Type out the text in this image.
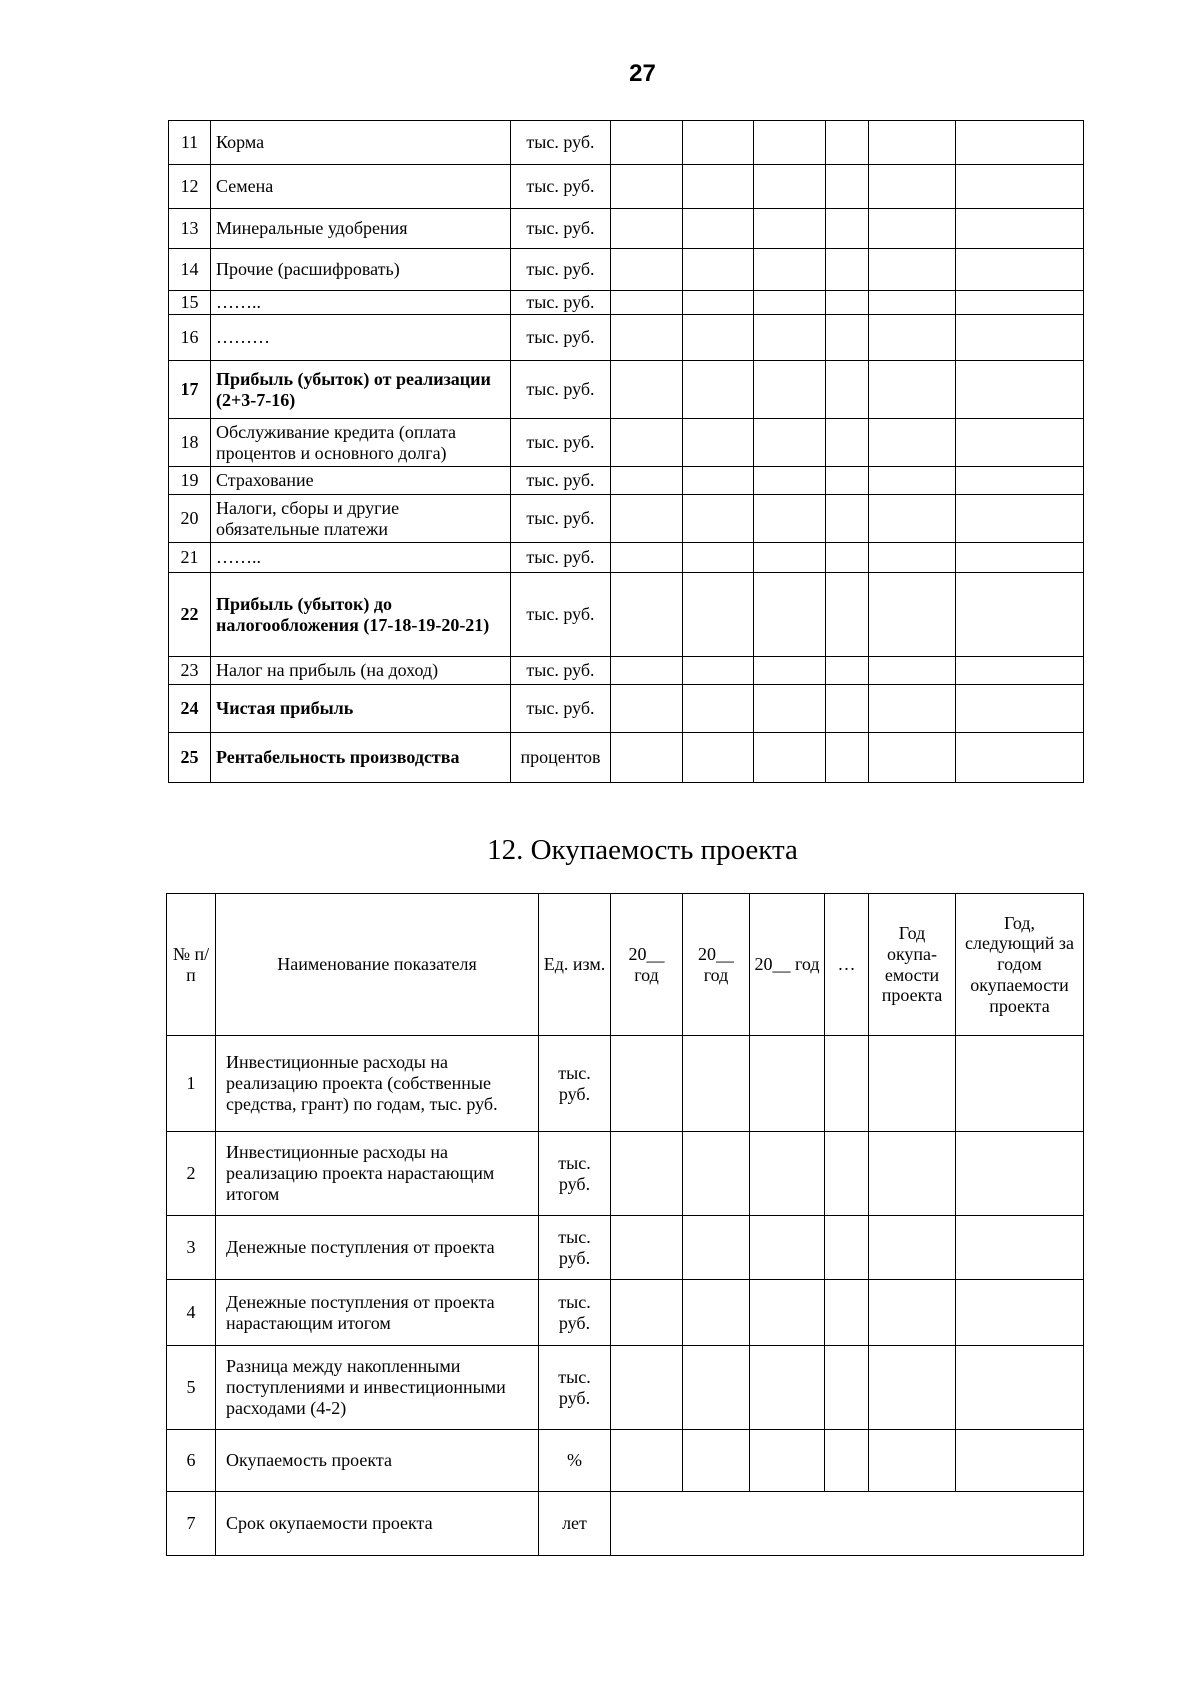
27
11	Корма	тыс. руб.						
12	Семена	тыс. руб.						
13	Минеральные удобрения	тыс. руб.						
14	Прочие (расшифровать)	тыс. руб.						
15	……..	тыс. руб.						
16	………	тыс. руб.						
17	Прибыль (убыток) от реализации (2+3-7-16)	тыс. руб.						
18	Обслуживание кредита (оплата процентов и основного долга)	тыс. руб.						
19	Страхование	тыс. руб.						
20	Налоги, сборы и другие обязательные платежи	тыс. руб.						
21	……..	тыс. руб.						
22	Прибыль (убыток) до налогообложения (17-18-19-20-21)	тыс. руб.						
23	Налог на прибыль (на доход)	тыс. руб.						
24	Чистая прибыль	тыс. руб.						
25	Рентабельность производства	процентов						
12. Окупаемость проекта
№ п/п	Наименование показателя	Ед. изм.	20__ год	20__ год	20__ год	…	Год окупа-емости проекта	Год, следующий за годом окупаемости проекта
1	Инвестиционные расходы на реализацию проекта (собственные средства, грант) по годам, тыс. руб.	тыс. руб.						
2	Инвестиционные расходы на реализацию проекта нарастающим итогом	тыс. руб.						
3	Денежные поступления от проекта	тыс. руб.						
4	Денежные поступления от проекта нарастающим итогом	тыс. руб.						
5	Разница между накопленными поступлениями и инвестиционными расходами (4-2)	тыс. руб.						
6	Окупаемость проекта	%						
7	Срок окупаемости проекта	лет						
